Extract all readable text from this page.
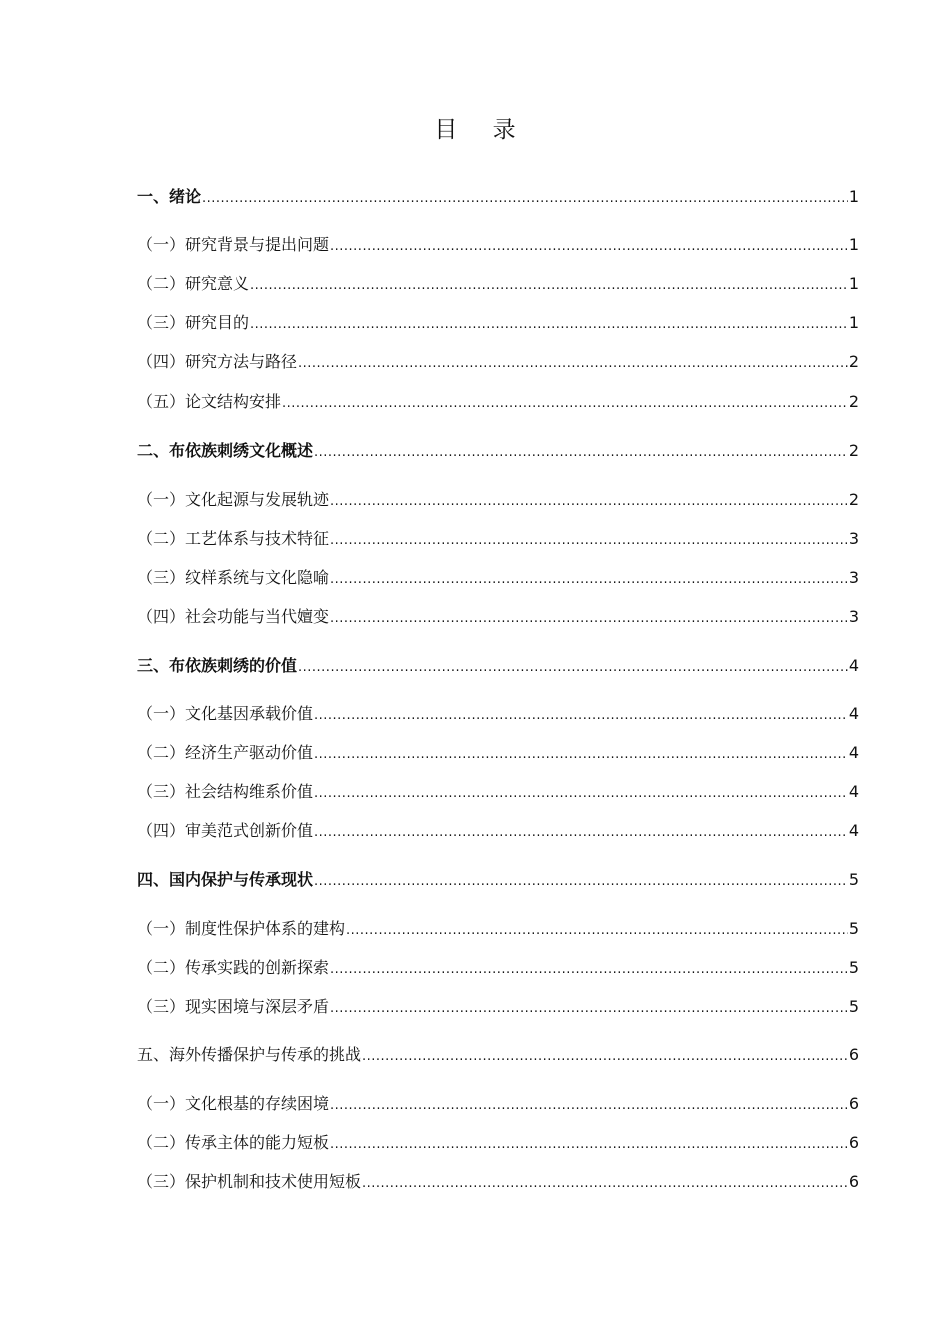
目 录
一、绪论 .....	1
（一）研究背景与提出问题 .....	1
（二）研究意义 .....	1
（三）研究目的 .....	1
（四）研究方法与路径 .....	2
（五）论文结构安排 .....	2
二、布依族刺绣文化概述 .....	2
（一）文化起源与发展轨迹 .....	2
（二）工艺体系与技术特征 .....	3
（三）纹样系统与文化隐喻 .....	3
（四）社会功能与当代嬗变 .....	3
三、布依族刺绣的价值 .....	4
（一）文化基因承载价值 .....	4
（二）经济生产驱动价值 .....	4
（三）社会结构维系价值 .....	4
（四）审美范式创新价值 .....	4
四、国内保护与传承现状 .....	5
（一）制度性保护体系的建构 .....	5
（二）传承实践的创新探索 .....	5
（三）现实困境与深层矛盾 .....	5
五、海外传播保护与传承的挑战 .....	6
（一）文化根基的存续困境 .....	6
（二）传承主体的能力短板 .....	6
（三）保护机制和技术使用短板 .....	6
